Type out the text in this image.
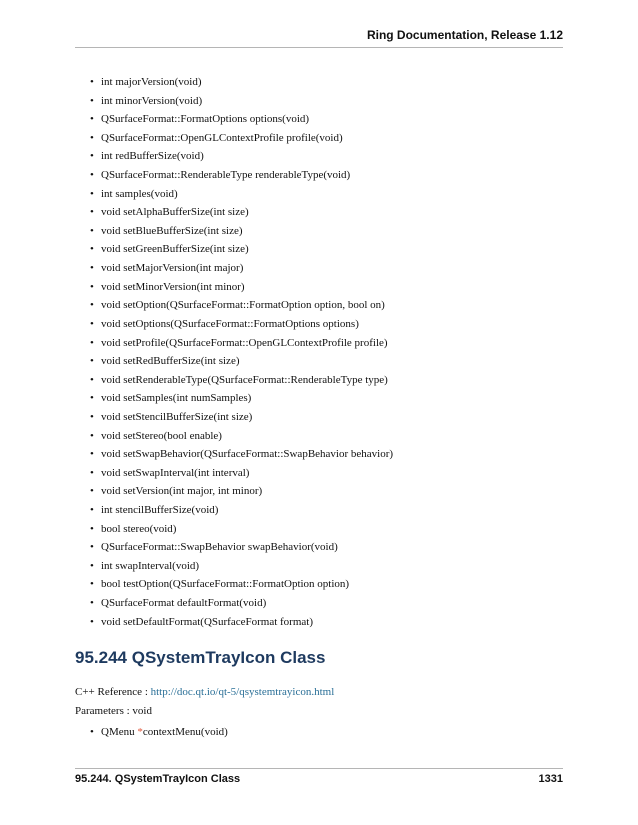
Ring Documentation, Release 1.12
• int majorVersion(void)
• int minorVersion(void)
• QSurfaceFormat::FormatOptions options(void)
• QSurfaceFormat::OpenGLContextProfile profile(void)
• int redBufferSize(void)
• QSurfaceFormat::RenderableType renderableType(void)
• int samples(void)
• void setAlphaBufferSize(int size)
• void setBlueBufferSize(int size)
• void setGreenBufferSize(int size)
• void setMajorVersion(int major)
• void setMinorVersion(int minor)
• void setOption(QSurfaceFormat::FormatOption option, bool on)
• void setOptions(QSurfaceFormat::FormatOptions options)
• void setProfile(QSurfaceFormat::OpenGLContextProfile profile)
• void setRedBufferSize(int size)
• void setRenderableType(QSurfaceFormat::RenderableType type)
• void setSamples(int numSamples)
• void setStencilBufferSize(int size)
• void setStereo(bool enable)
• void setSwapBehavior(QSurfaceFormat::SwapBehavior behavior)
• void setSwapInterval(int interval)
• void setVersion(int major, int minor)
• int stencilBufferSize(void)
• bool stereo(void)
• QSurfaceFormat::SwapBehavior swapBehavior(void)
• int swapInterval(void)
• bool testOption(QSurfaceFormat::FormatOption option)
• QSurfaceFormat defaultFormat(void)
• void setDefaultFormat(QSurfaceFormat format)
95.244 QSystemTrayIcon Class
C++ Reference : http://doc.qt.io/qt-5/qsystemtrayicon.html
Parameters : void
• QMenu *contextMenu(void)
95.244. QSystemTrayIcon Class	1331
